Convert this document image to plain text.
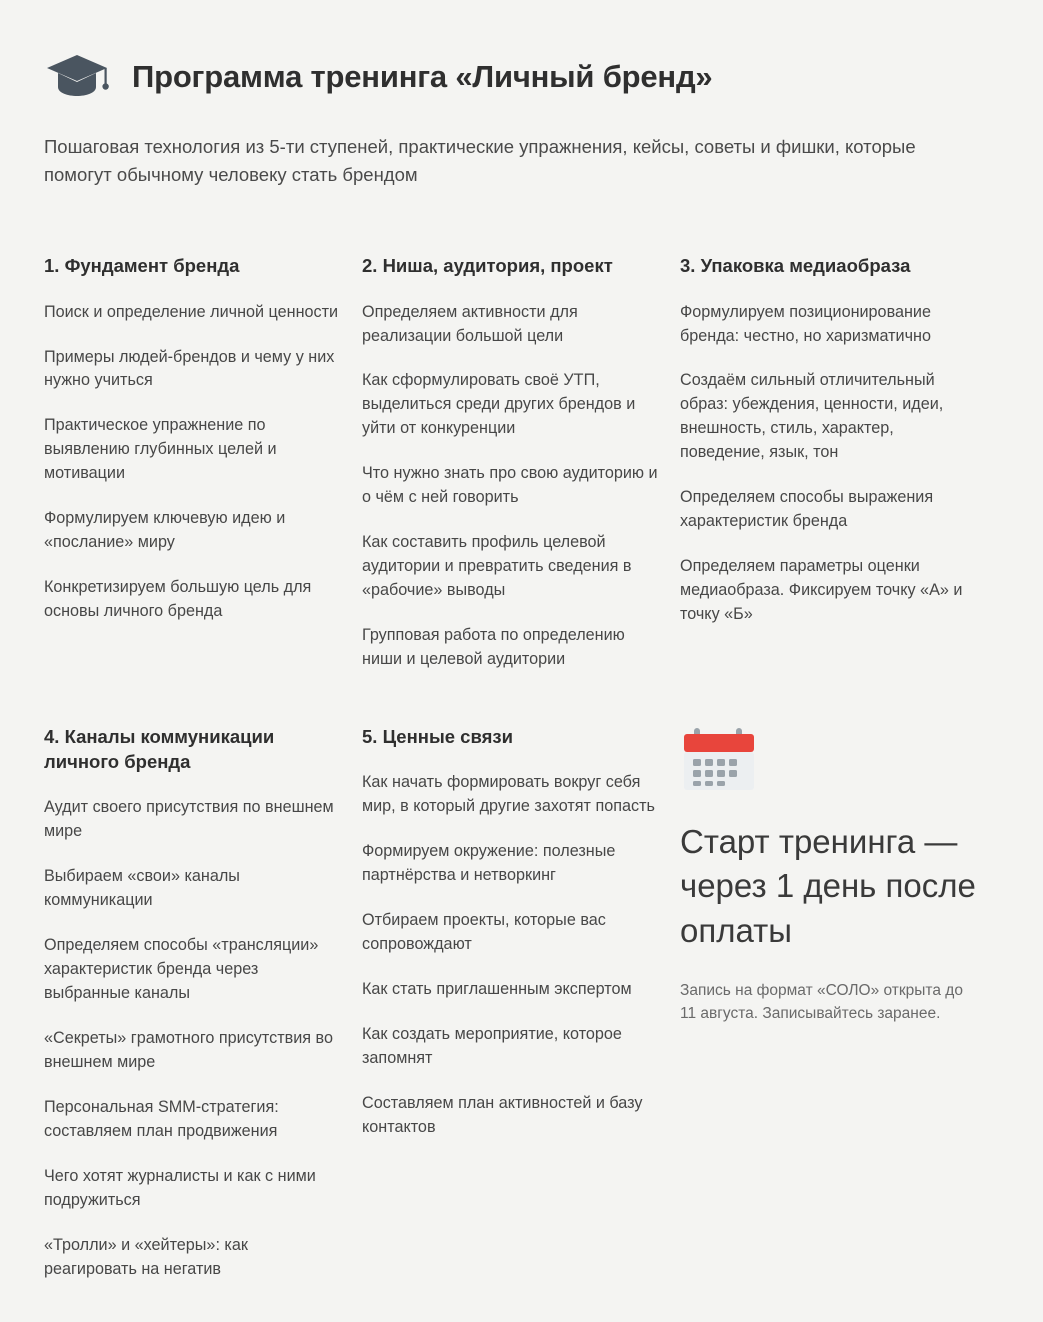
Программа тренинга «Личный бренд»

Пошаговая технология из 5-ти ступеней, практические упражнения, кейсы, советы и фишки, которые помогут обычному человеку стать брендом

1. Фундамент бренда
Поиск и определение личной ценности
Примеры людей-брендов и чему у них нужно учиться
Практическое упражнение по выявлению глубинных целей и мотивации
Формулируем ключевую идею и «послание» миру
Конкретизируем большую цель для основы личного бренда
2. Ниша, аудитория, проект
Определяем активности для реализации большой цели
Как сформулировать своё УТП, выделиться среди других брендов и уйти от конкуренции
Что нужно знать про свою аудиторию и о чём с ней говорить
Как составить профиль целевой аудитории и превратить сведения в «рабочие» выводы
Групповая работа по определению ниши и целевой аудитории
3. Упаковка медиаобраза
Формулируем позиционирование бренда: честно, но харизматично
Создаём сильный отличительный образ: убеждения, ценности, идеи, внешность, стиль, характер, поведение, язык, тон
Определяем способы выражения характеристик бренда
Определяем параметры оценки медиаобраза. Фиксируем точку «А» и точку «Б»
4. Каналы коммуникации личного бренда
Аудит своего присутствия по внешнем мире
Выбираем «свои» каналы коммуникации
Определяем способы «трансляции» характеристик бренда через выбранные каналы
«Секреты» грамотного присутствия во внешнем мире
Персональная SMM-стратегия: составляем план продвижения
Чего хотят журналисты и как с ними подружиться
«Тролли» и «хейтеры»: как реагировать на негатив
5. Ценные связи
Как начать формировать вокруг себя мир, в который другие захотят попасть
Формируем окружение: полезные партнёрства и нетворкинг
Отбираем проекты, которые вас сопровождают
Как стать приглашенным экспертом
Как создать мероприятие, которое запомнят
Составляем план активностей и базу контактов
Старт тренинга — через 1 день после оплаты
Запись на формат «СОЛО» открыта до 11 августа. Записывайтесь заранее.
